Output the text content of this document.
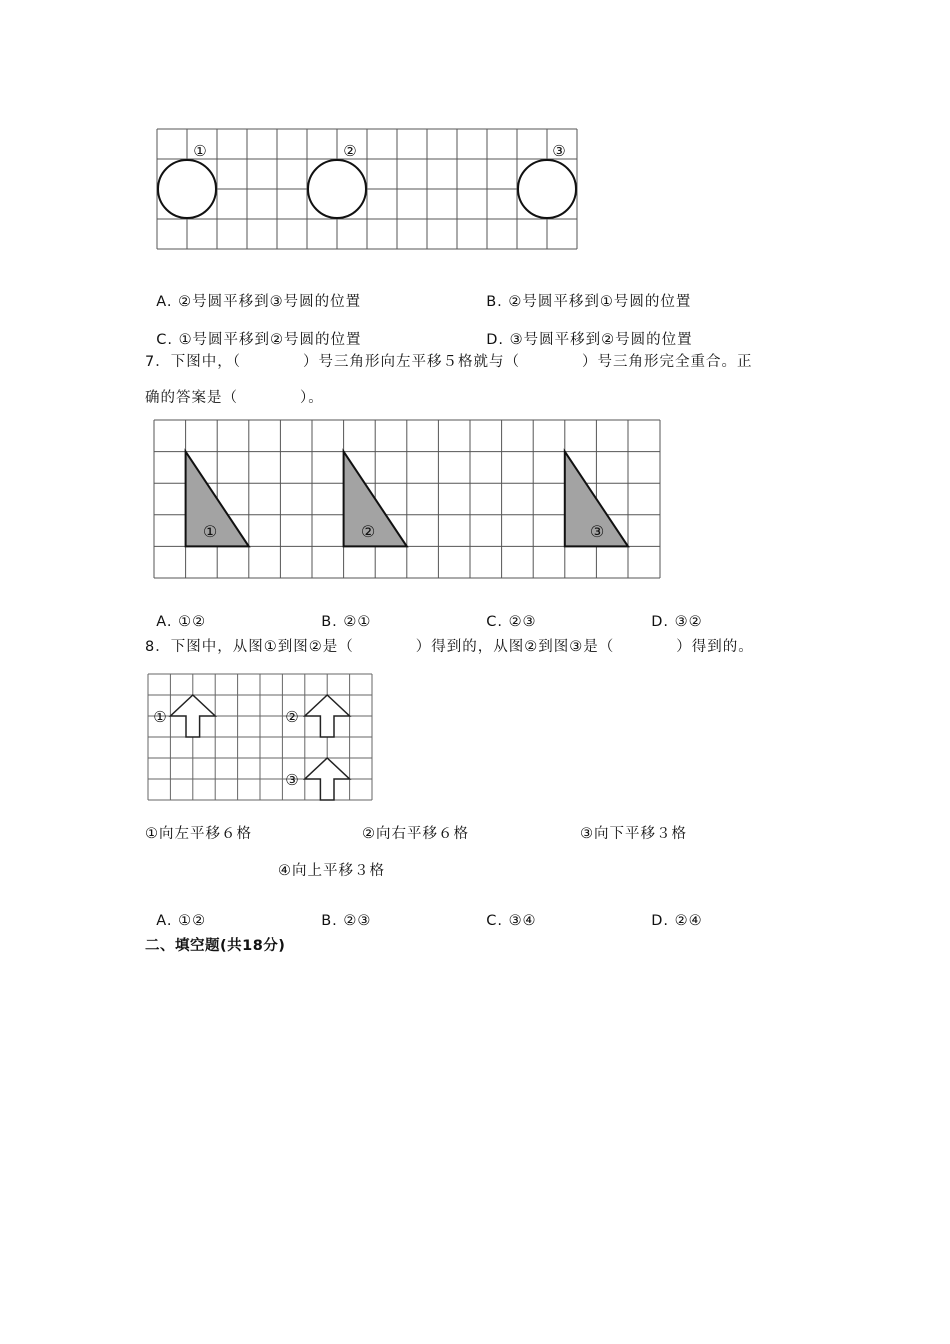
①	②	③

A. ②号圆平移到③号圆的位置	B. ②号圆平移到①号圆的位置

C. ①号圆平移到②号圆的位置	D. ③号圆平移到②号圆的位置

7．下图中，（　　　　）号三角形向左平移５格就与（　　　　）号三角形完全重合。正
确的答案是（　　　　）。
①	②	③

A. ①②	B. ②①	C. ②③	D. ③②

8．下图中，从图①到图②是（　　　　）得到的，从图②到图③是（　　　　）得到的。
①	②
③
①向左平移６格	②向右平移６格	③向下平移３格
④向上平移３格

A. ①②	B. ②③	C. ③④	D. ②④

二、填空题(共18分)
